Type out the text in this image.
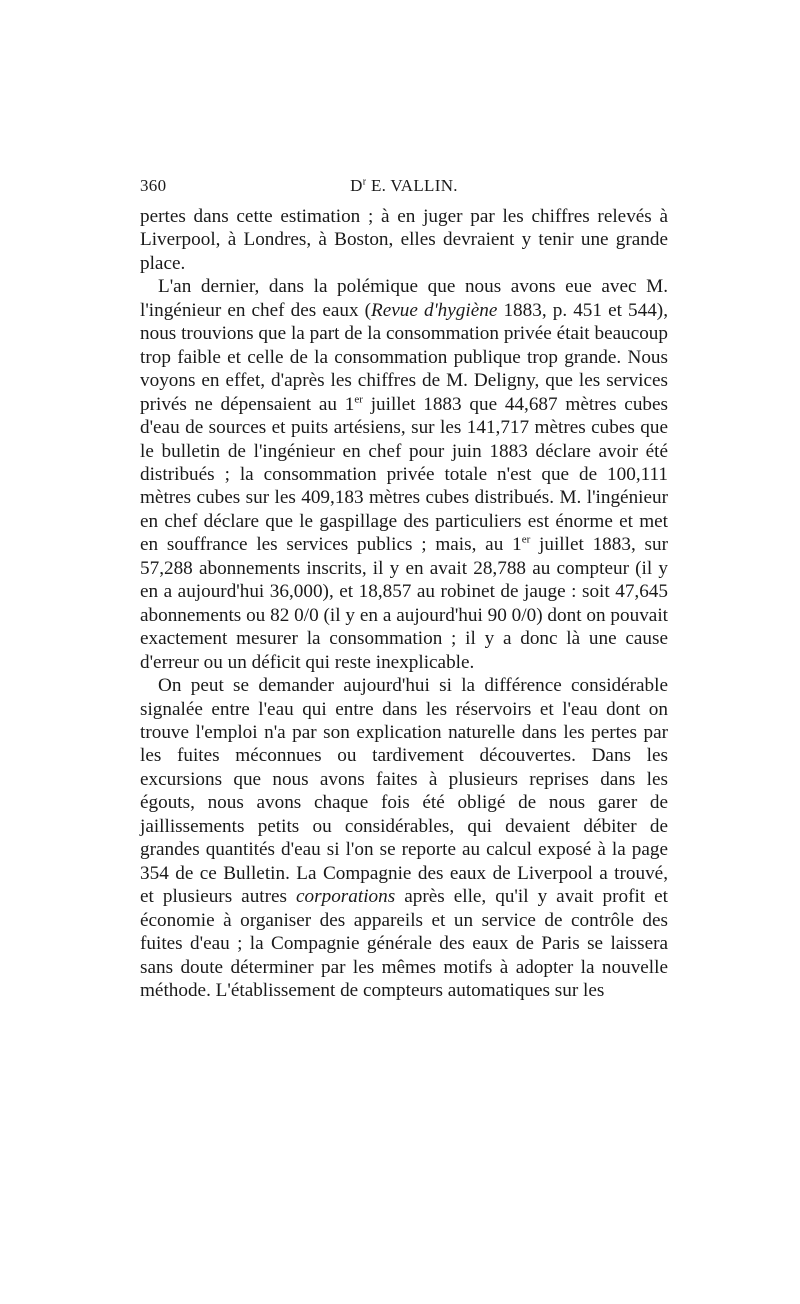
360	$D^r$ E. VALLIN.

pertes dans cette estimation ; à en juger par les chiffres relevés à Liverpool, à Londres, à Boston, elles devraient y tenir une grande place.

L'an dernier, dans la polémique que nous avons eue avec M. l'ingénieur en chef des eaux (Revue d'hygiène 1883, p. 451 et 544), nous trouvions que la part de la consommation privée était beaucoup trop faible et celle de la consommation publique trop grande. Nous voyons en effet, d'après les chiffres de M. Deligny, que les services privés ne dépensaient au 1er juillet 1883 que 44,687 mètres cubes d'eau de sources et puits artésiens, sur les 141,717 mètres cubes que le bulletin de l'ingénieur en chef pour juin 1883 déclare avoir été distribués ; la consommation privée totale n'est que de 100,111 mètres cubes sur les 409,183 mètres cubes distribués. M. l'ingénieur en chef déclare que le gaspillage des particuliers est énorme et met en souffrance les services publics ; mais, au 1er juillet 1883, sur 57,288 abonnements inscrits, il y en avait 28,788 au compteur (il y en a aujourd'hui 36,000), et 18,857 au robinet de jauge : soit 47,645 abonnements ou 82 0/0 (il y en a aujourd'hui 90 0/0) dont on pouvait exactement mesurer la consommation ; il y a donc là une cause d'erreur ou un déficit qui reste inexplicable.

On peut se demander aujourd'hui si la différence considérable signalée entre l'eau qui entre dans les réservoirs et l'eau dont on trouve l'emploi n'a par son explication naturelle dans les pertes par les fuites méconnues ou tardivement découvertes. Dans les excursions que nous avons faites à plusieurs reprises dans les égouts, nous avons chaque fois été obligé de nous garer de jaillissements petits ou considérables, qui devaient débiter de grandes quantités d'eau si l'on se reporte au calcul exposé à la page 354 de ce Bulletin. La Compagnie des eaux de Liverpool a trouvé, et plusieurs autres corporations après elle, qu'il y avait profit et économie à organiser des appareils et un service de contrôle des fuites d'eau ; la Compagnie générale des eaux de Paris se laissera sans doute déterminer par les mêmes motifs à adopter la nouvelle méthode. L'établissement de compteurs automatiques sur les
